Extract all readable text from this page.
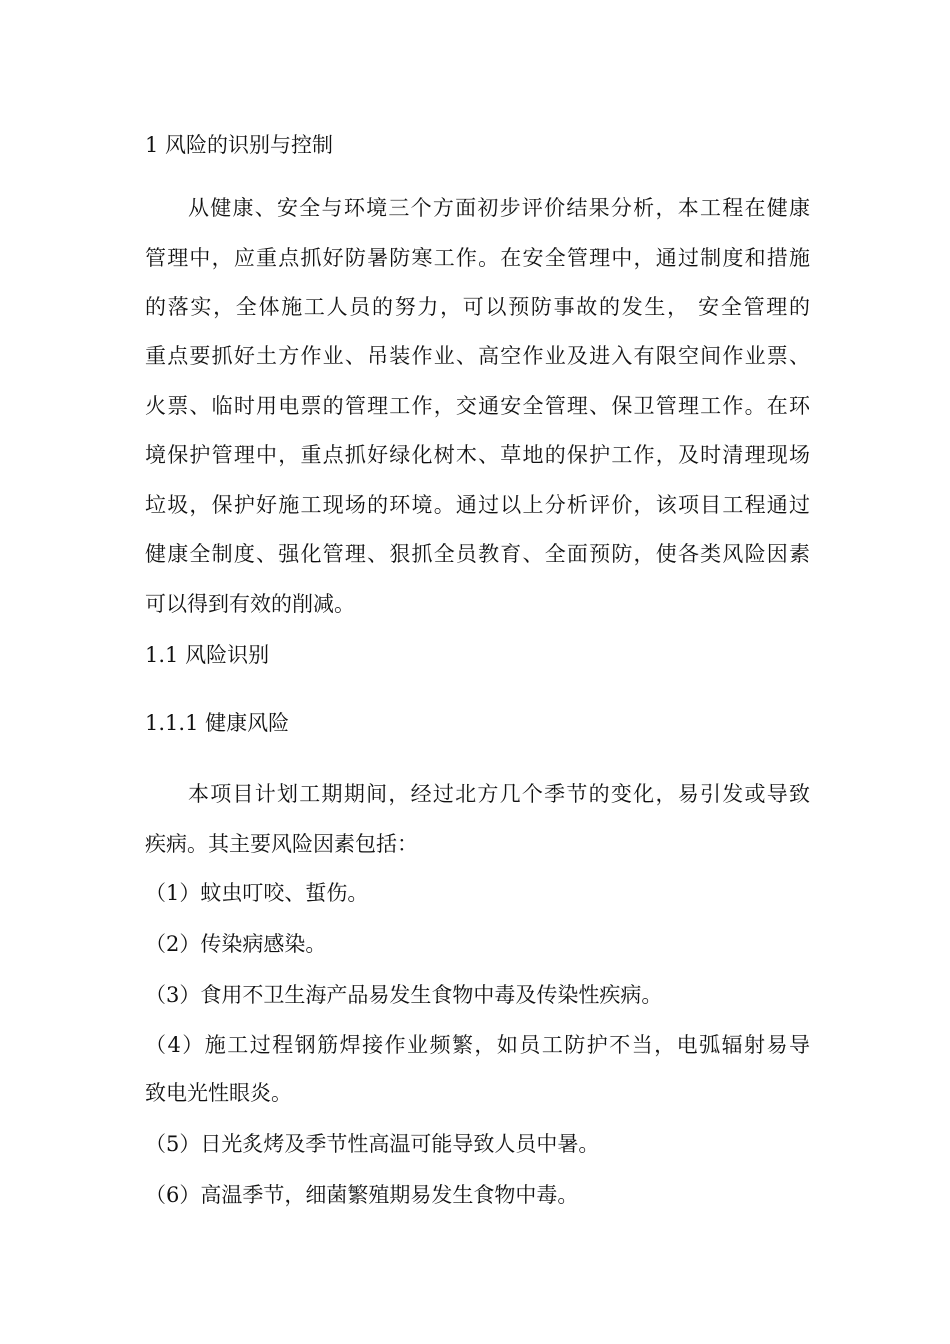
1 风险的识别与控制
从健康、安全与环境三个方面初步评价结果分析，本工程在健康
管理中，应重点抓好防暑防寒工作。在安全管理中，通过制度和措施
的落实，全体施工人员的努力，可以预防事故的发生， 安全管理的
重点要抓好土方作业、吊装作业、高空作业及进入有限空间作业票、
火票、临时用电票的管理工作，交通安全管理、保卫管理工作。在环
境保护管理中，重点抓好绿化树木、草地的保护工作，及时清理现场
垃圾，保护好施工现场的环境。通过以上分析评价，该项目工程通过
健康全制度、强化管理、狠抓全员教育、全面预防，使各类风险因素
可以得到有效的削减。
1.1 风险识别
1.1.1 健康风险
本项目计划工期期间，经过北方几个季节的变化，易引发或导致
疾病。其主要风险因素包括：
（1）蚊虫叮咬、蜇伤。
（2）传染病感染。
（3）食用不卫生海产品易发生食物中毒及传染性疾病。
（4）施工过程钢筋焊接作业频繁，如员工防护不当，电弧辐射易导
致电光性眼炎。
（5）日光炙烤及季节性高温可能导致人员中暑。
（6）高温季节，细菌繁殖期易发生食物中毒。
